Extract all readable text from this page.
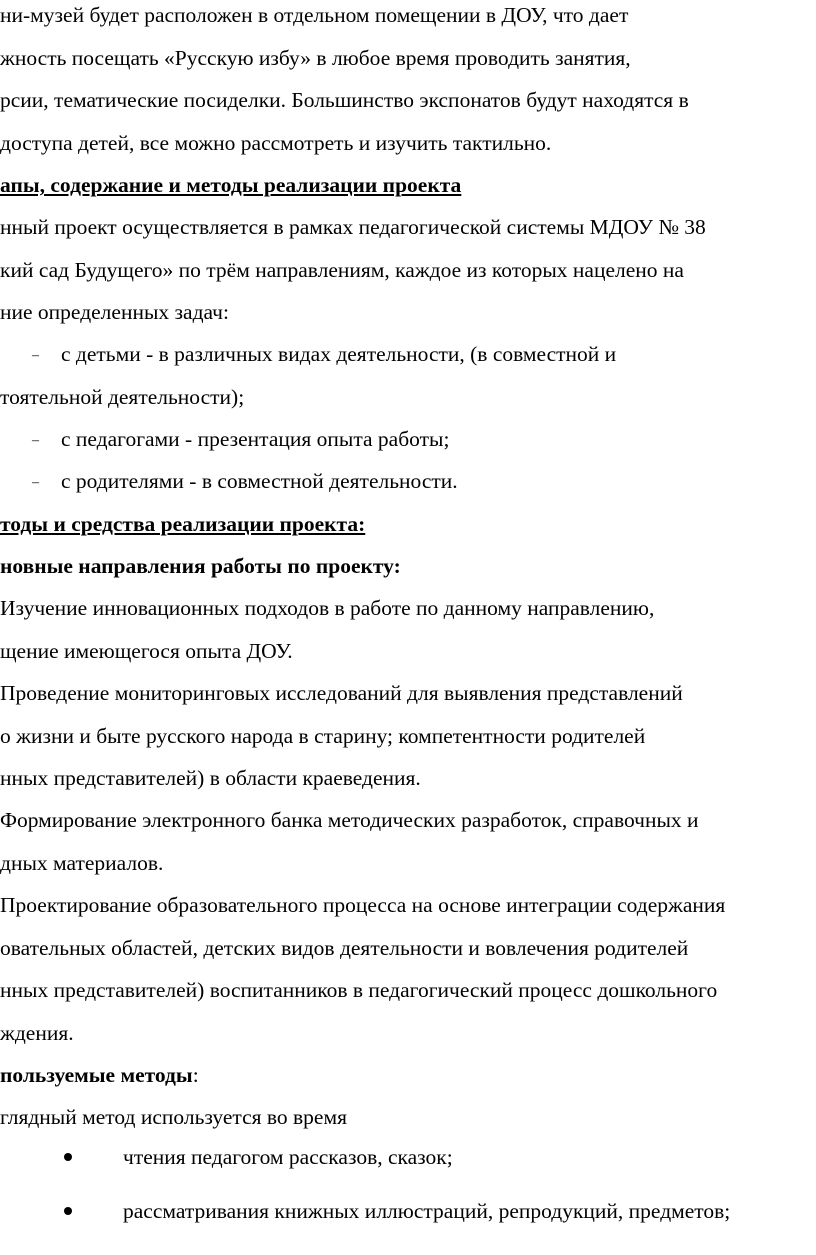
ни-музей будет расположен в отдельном помещении в ДОУ, что дает
жность посещать «Русскую избу» в любое время проводить занятия,
рсии, тематические посиделки. Большинство экспонатов будут находятся в
доступа детей, все можно рассмотреть и изучить тактильно.
апы, содержание и методы реализации проекта
нный проект осуществляется в рамках педагогической системы МДОУ № 38
кий сад Будущего» по трём направлениям, каждое из которых нацелено на
ние определенных задач:
– с детьми - в различных видах деятельности, (в совместной и
тоятельной деятельности);
– с педагогами - презентация опыта работы;
– с родителями - в совместной деятельности.
тоды и средства реализации проекта:
новные направления работы по проекту:
Изучение инновационных подходов в работе по данному направлению,
щение имеющегося опыта ДОУ.
Проведение мониторинговых исследований для выявления представлений
о жизни и быте русского народа в старину; компетентности родителей
нных представителей) в области краеведения.
Формирование электронного банка методических разработок, справочных и
дных материалов.
Проектирование образовательного процесса на основе интеграции содержания
овательных областей, детских видов деятельности и вовлечения родителей
нных представителей) воспитанников в педагогический процесс дошкольного
ждения.
пользуемые методы:
глядный метод используется во время
чтения педагогом рассказов, сказок;
рассматривания книжных иллюстраций, репродукций, предметов;
